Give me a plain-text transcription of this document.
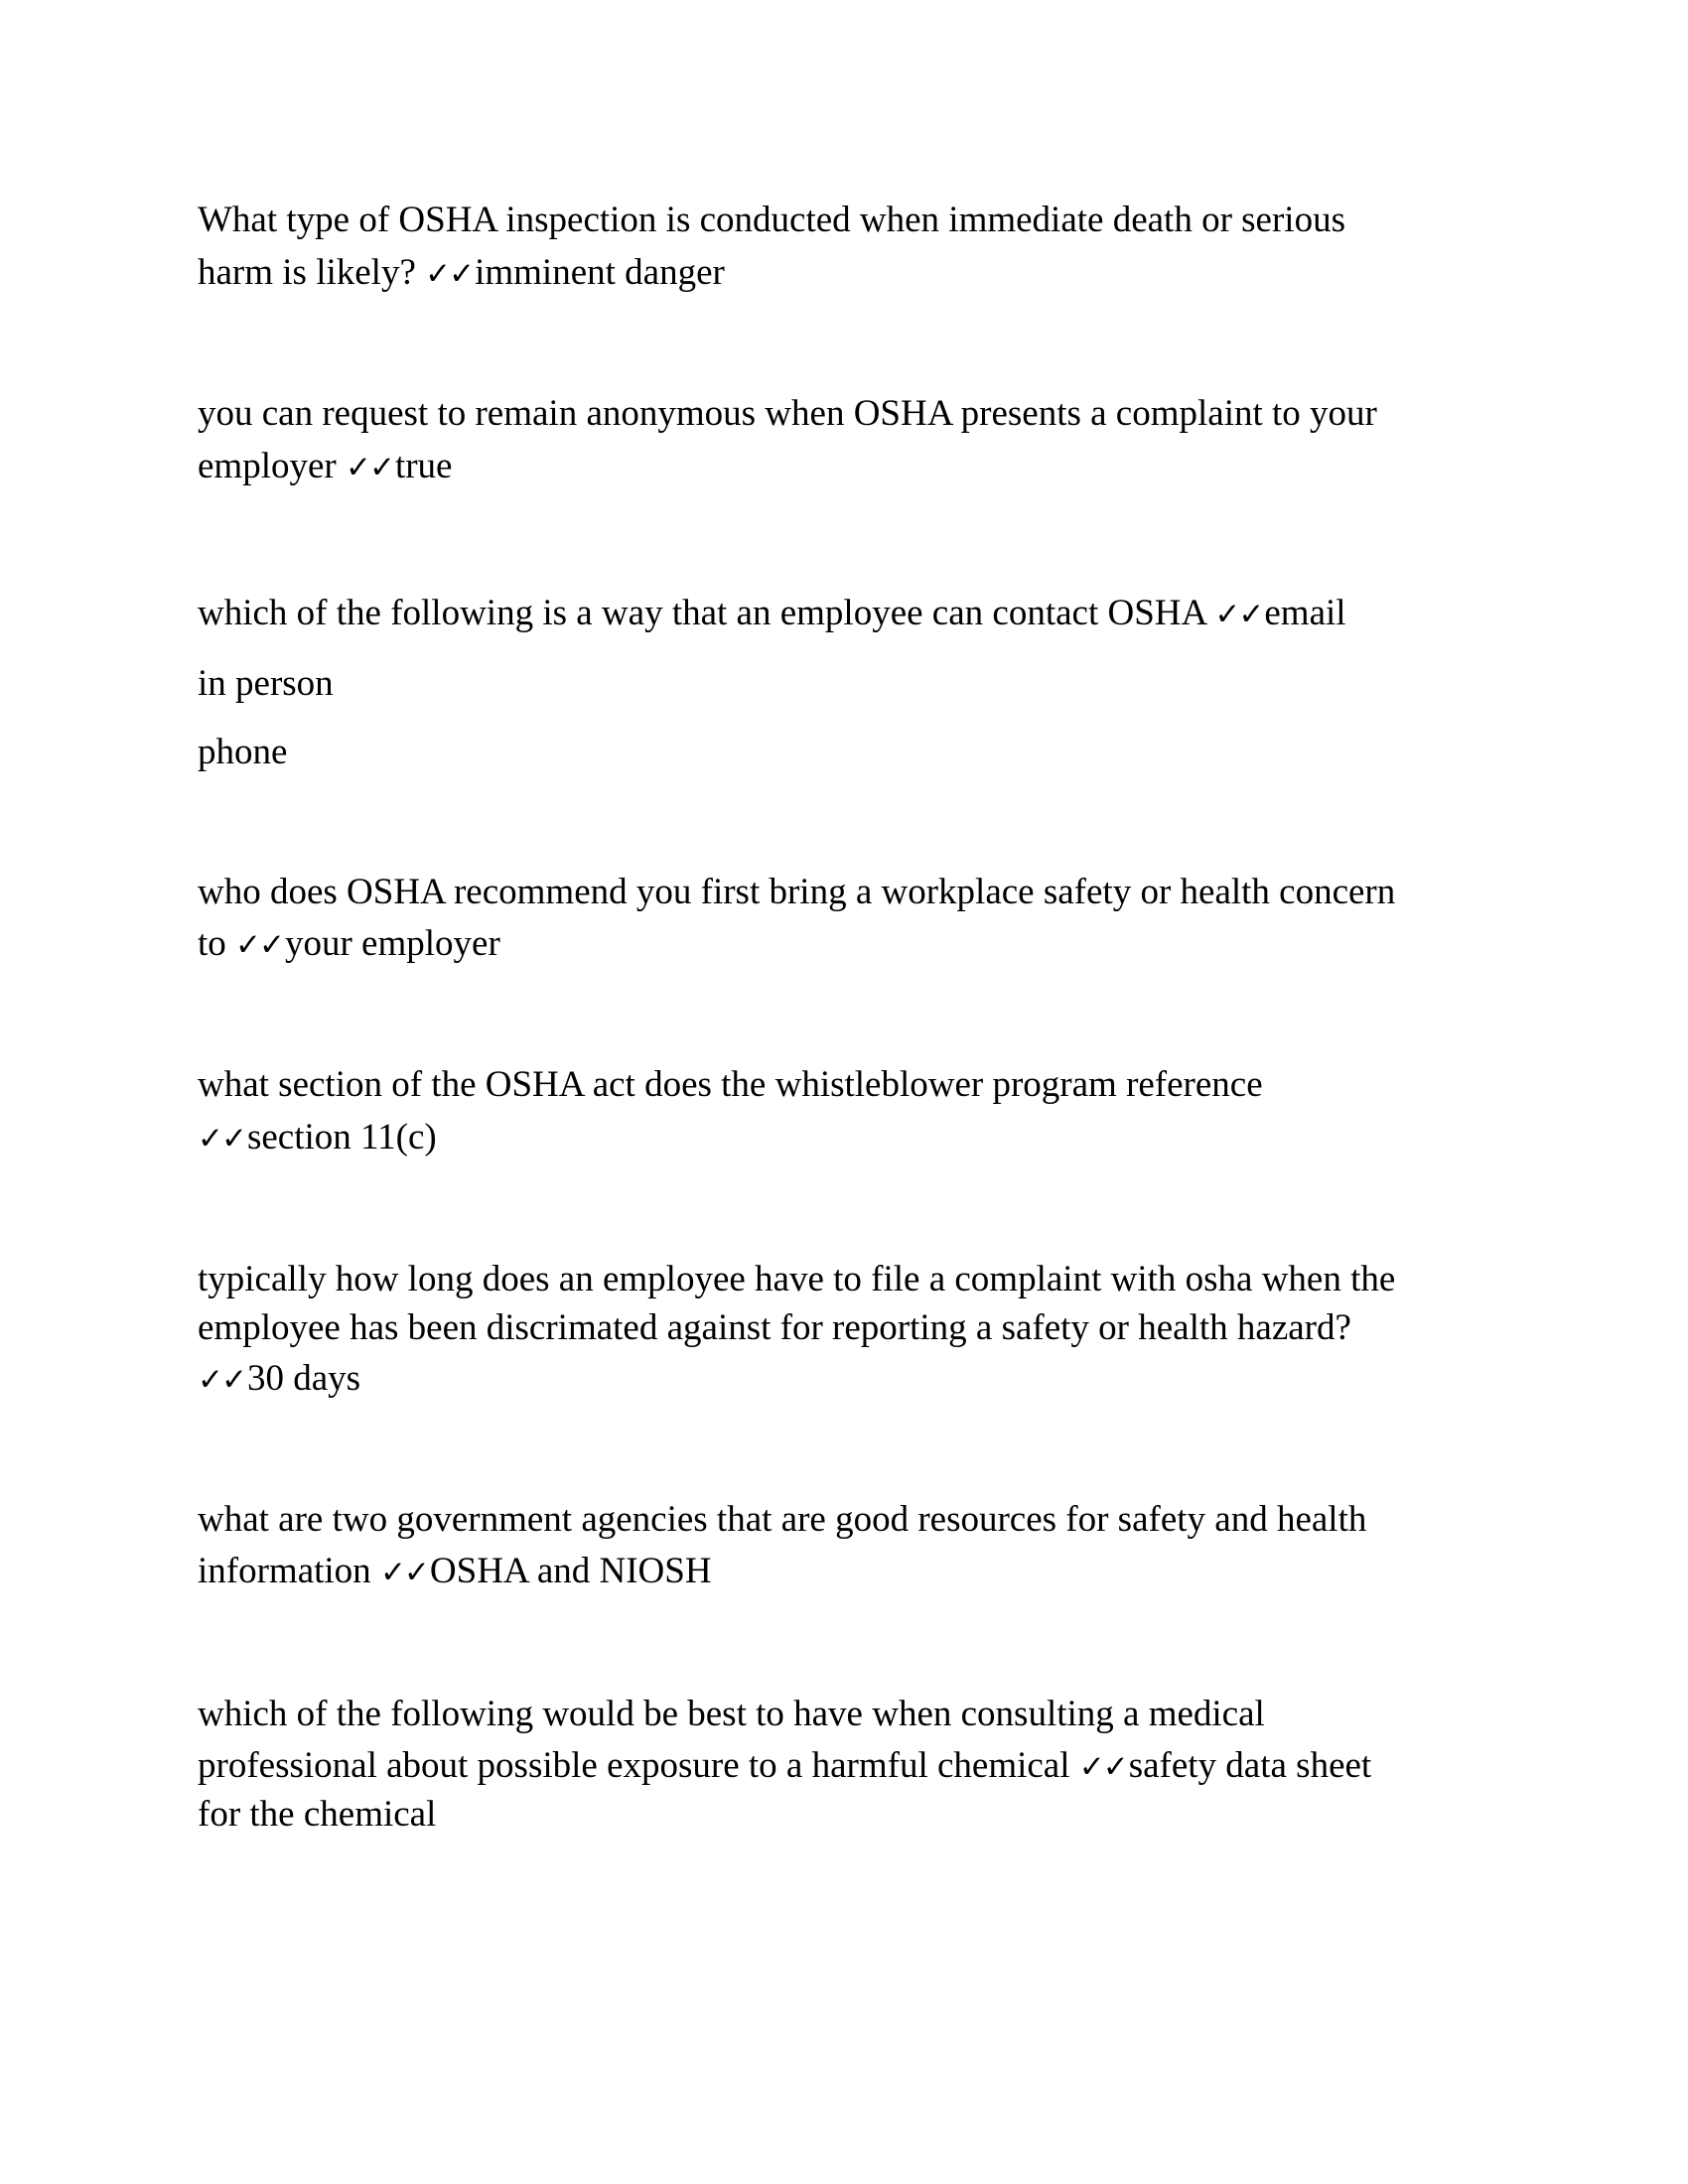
What type of OSHA inspection is conducted when immediate death or serious
harm is likely? ✓✓imminent danger
you can request to remain anonymous when OSHA presents a complaint to your
employer ✓✓true
which of the following is a way that an employee can contact OSHA ✓✓email
in person
phone
who does OSHA recommend you first bring a workplace safety or health concern
to ✓✓your employer
what section of the OSHA act does the whistleblower program reference
✓✓section 11(c)
typically how long does an employee have to file a complaint with osha when the
employee has been discrimated against for reporting a safety or health hazard?
✓✓30 days
what are two government agencies that are good resources for safety and health
information ✓✓OSHA and NIOSH
which of the following would be best to have when consulting a medical
professional about possible exposure to a harmful chemical ✓✓safety data sheet
for the chemical
